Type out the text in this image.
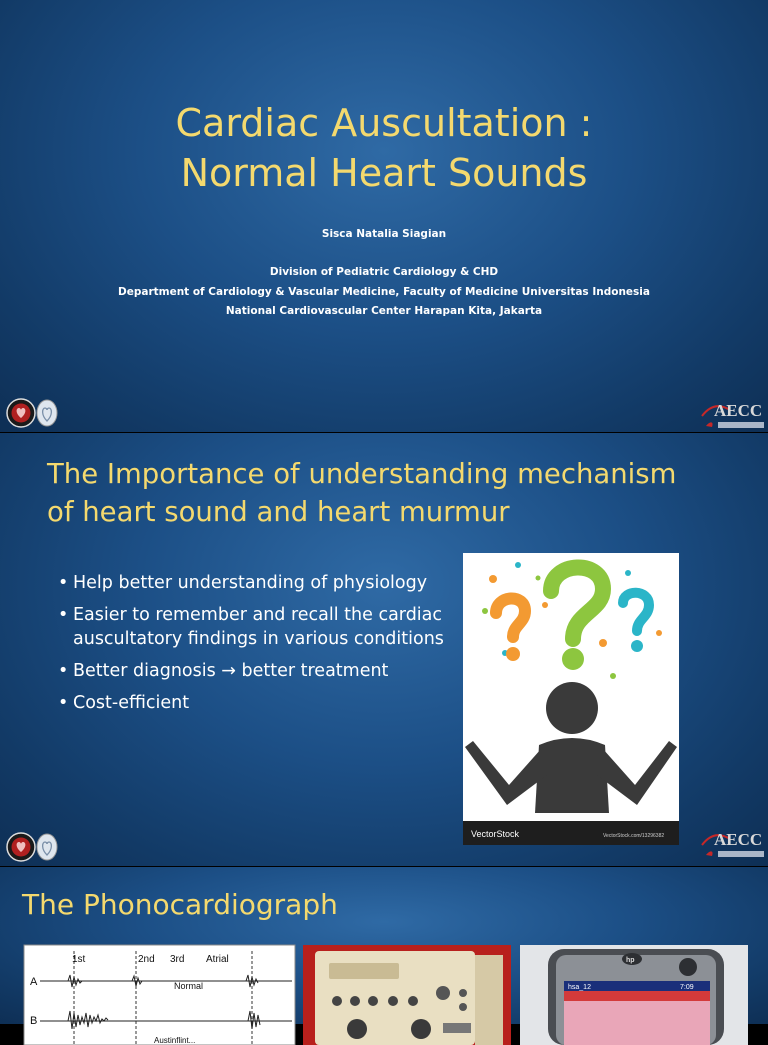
Cardiac Auscultation :
Normal Heart Sounds
Sisca Natalia Siagian
Division of Pediatric Cardiology & CHD
Department of Cardiology & Vascular Medicine, Faculty of Medicine Universitas Indonesia
National Cardiovascular Center Harapan Kita, Jakarta
AECC
The Importance of understanding mechanism
of heart sound and heart murmur
• Help better understanding of physiology
• Easier to remember and recall the cardiac auscultatory findings in various conditions
• Better diagnosis → better treatment
• Cost-efficient
VectorStock	VectorStock.com/13296382	AECC
The Phonocardiograph
1st	2nd 3rd Atrial
A
B
Normal
Austinflint...
hp
hsa_12	7:09
